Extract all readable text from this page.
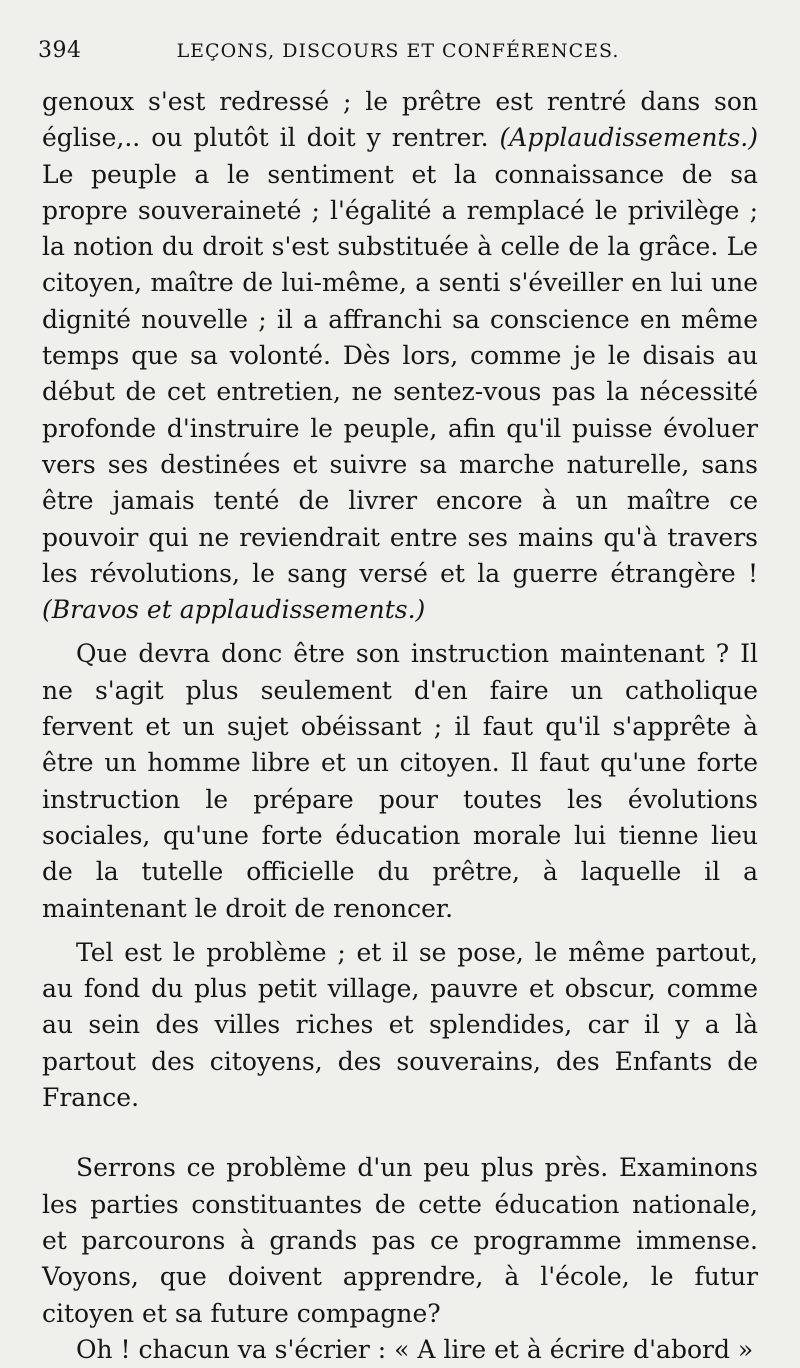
394	LEÇONS, DISCOURS ET CONFÉRENCES.

genoux s'est redressé ; le prêtre est rentré dans son église,.. ou plutôt il doit y rentrer. (Applaudissements.) Le peuple a le sentiment et la connaissance de sa propre souveraineté ; l'égalité a remplacé le privilège ; la notion du droit s'est substituée à celle de la grâce. Le citoyen, maître de lui-même, a senti s'éveiller en lui une dignité nouvelle ; il a affranchi sa conscience en même temps que sa volonté. Dès lors, comme je le disais au début de cet entretien, ne sentez-vous pas la nécessité profonde d'instruire le peuple, afin qu'il puisse évoluer vers ses destinées et suivre sa marche naturelle, sans être jamais tenté de livrer encore à un maître ce pouvoir qui ne reviendrait entre ses mains qu'à travers les révolutions, le sang versé et la guerre étrangère ! (Bravos et applaudissements.)

Que devra donc être son instruction maintenant ? Il ne s'agit plus seulement d'en faire un catholique fervent et un sujet obéissant ; il faut qu'il s'apprête à être un homme libre et un citoyen. Il faut qu'une forte instruction le prépare pour toutes les évolutions sociales, qu'une forte éducation morale lui tienne lieu de la tutelle officielle du prêtre, à laquelle il a maintenant le droit de renoncer.

Tel est le problème ; et il se pose, le même partout, au fond du plus petit village, pauvre et obscur, comme au sein des villes riches et splendides, car il y a là partout des citoyens, des souverains, des Enfants de France.

Serrons ce problème d'un peu plus près. Examinons les parties constituantes de cette éducation nationale, et parcourons à grands pas ce programme immense. Voyons, que doivent apprendre, à l'école, le futur citoyen et sa future compagne?

Oh ! chacun va s'écrier : « A lire et à écrire d'abord »
